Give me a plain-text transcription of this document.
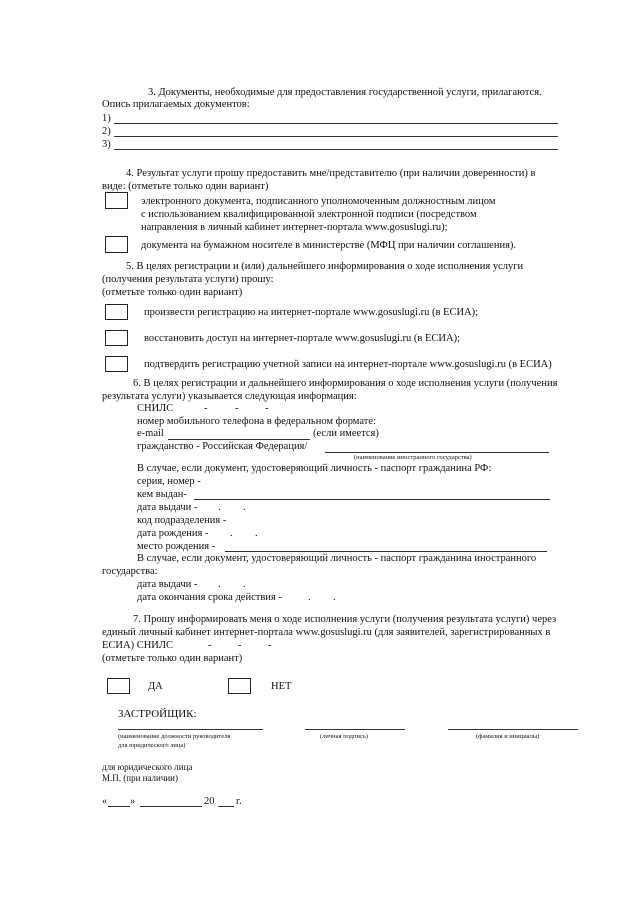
3. Документы, необходимые для предоставления государственной услуги, прилагаются.
Опись прилагаемых документов:
1)
2)
3)
4. Результат услуги прошу предоставить мне/представителю (при наличии доверенности) в
виде: (отметьте только один вариант)
электронного документа, подписанного уполномоченным должностным лицом
с использованием квалифицированной электронной подписи (посредством
направления в личный кабинет интернет-портала www.gosuslugi.ru);
документа на бумажном носителе в министерстве (МФЦ при наличии соглашения).
5. В целях регистрации и (или) дальнейшего информирования о ходе исполнения услуги
(получения результата услуги) прошу:
(отметьте только один вариант)
произвести регистрацию на интернет-портале www.gosuslugi.ru (в ЕСИА);
восстановить доступ на интернет-портале www.gosuslugi.ru (в ЕСИА);
подтвердить регистрацию учетной записи на интернет-портале www.gosuslugi.ru (в ЕСИА)
6. В целях регистрации и дальнейшего информирования о ходе исполнения услуги (получения
результата услуги) указывается следующая информация:
СНИЛС	-	-	-
номер мобильного телефона в федеральном формате:
e-mail	(если имеется)
гражданство - Российская Федерация/
(наименование иностранного государства)
В случае, если документ, удостоверяющий личность - паспорт гражданина РФ:
серия, номер -
кем выдан-
дата выдачи - . .
код подразделения -
дата рождения - . .
место рождения -
В случае, если документ, удостоверяющий личность - паспорт гражданина иностранного
государства:
дата выдачи - . .
дата окончания срока действия - . .
7. Прошу информировать меня о ходе исполнения услуги (получения результата услуги) через
единый личный кабинет интернет-портала www.gosuslugi.ru (для заявителей, зарегистрированных в
ЕСИА) СНИЛС	-	-	-
(отметьте только один вариант)
ДА	НЕТ
ЗАСТРОЙЩИК:
(наименование должности руководителя
для юридического лица)
(личная подпись)	(фамилия и инициалы)
для юридического лица
М.П. (при наличии)
« »	20 г.
